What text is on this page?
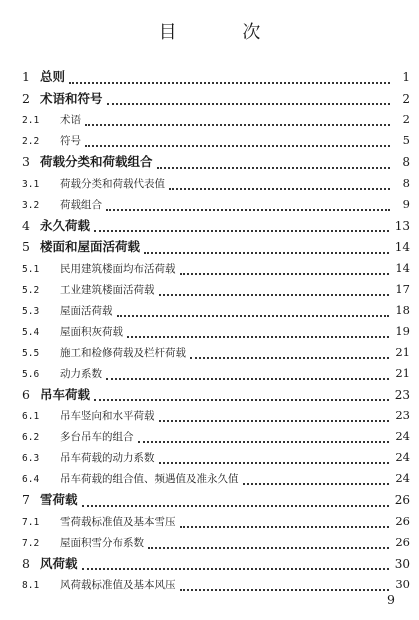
目 次
1 总则	1
2 术语和符号	2
2.1	术语	2
2.2	符号	5
3 荷载分类和荷载组合	8
3.1	荷载分类和荷载代表值	8
3.2	荷载组合	9
4 永久荷载	13
5 楼面和屋面活荷载	14
5.1	民用建筑楼面均布活荷载	14
5.2	工业建筑楼面活荷载	17
5.3	屋面活荷载	18
5.4	屋面积灰荷载	19
5.5	施工和检修荷载及栏杆荷载	21
5.6	动力系数	21
6 吊车荷载	23
6.1	吊车竖向和水平荷载	23
6.2	多台吊车的组合	24
6.3	吊车荷载的动力系数	24
6.4	吊车荷载的组合值、频遇值及准永久值	24
7 雪荷载	26
7.1	雪荷载标准值及基本雪压	26
7.2	屋面积雪分布系数	26
8 风荷载	30
8.1	风荷载标准值及基本风压	30
9
